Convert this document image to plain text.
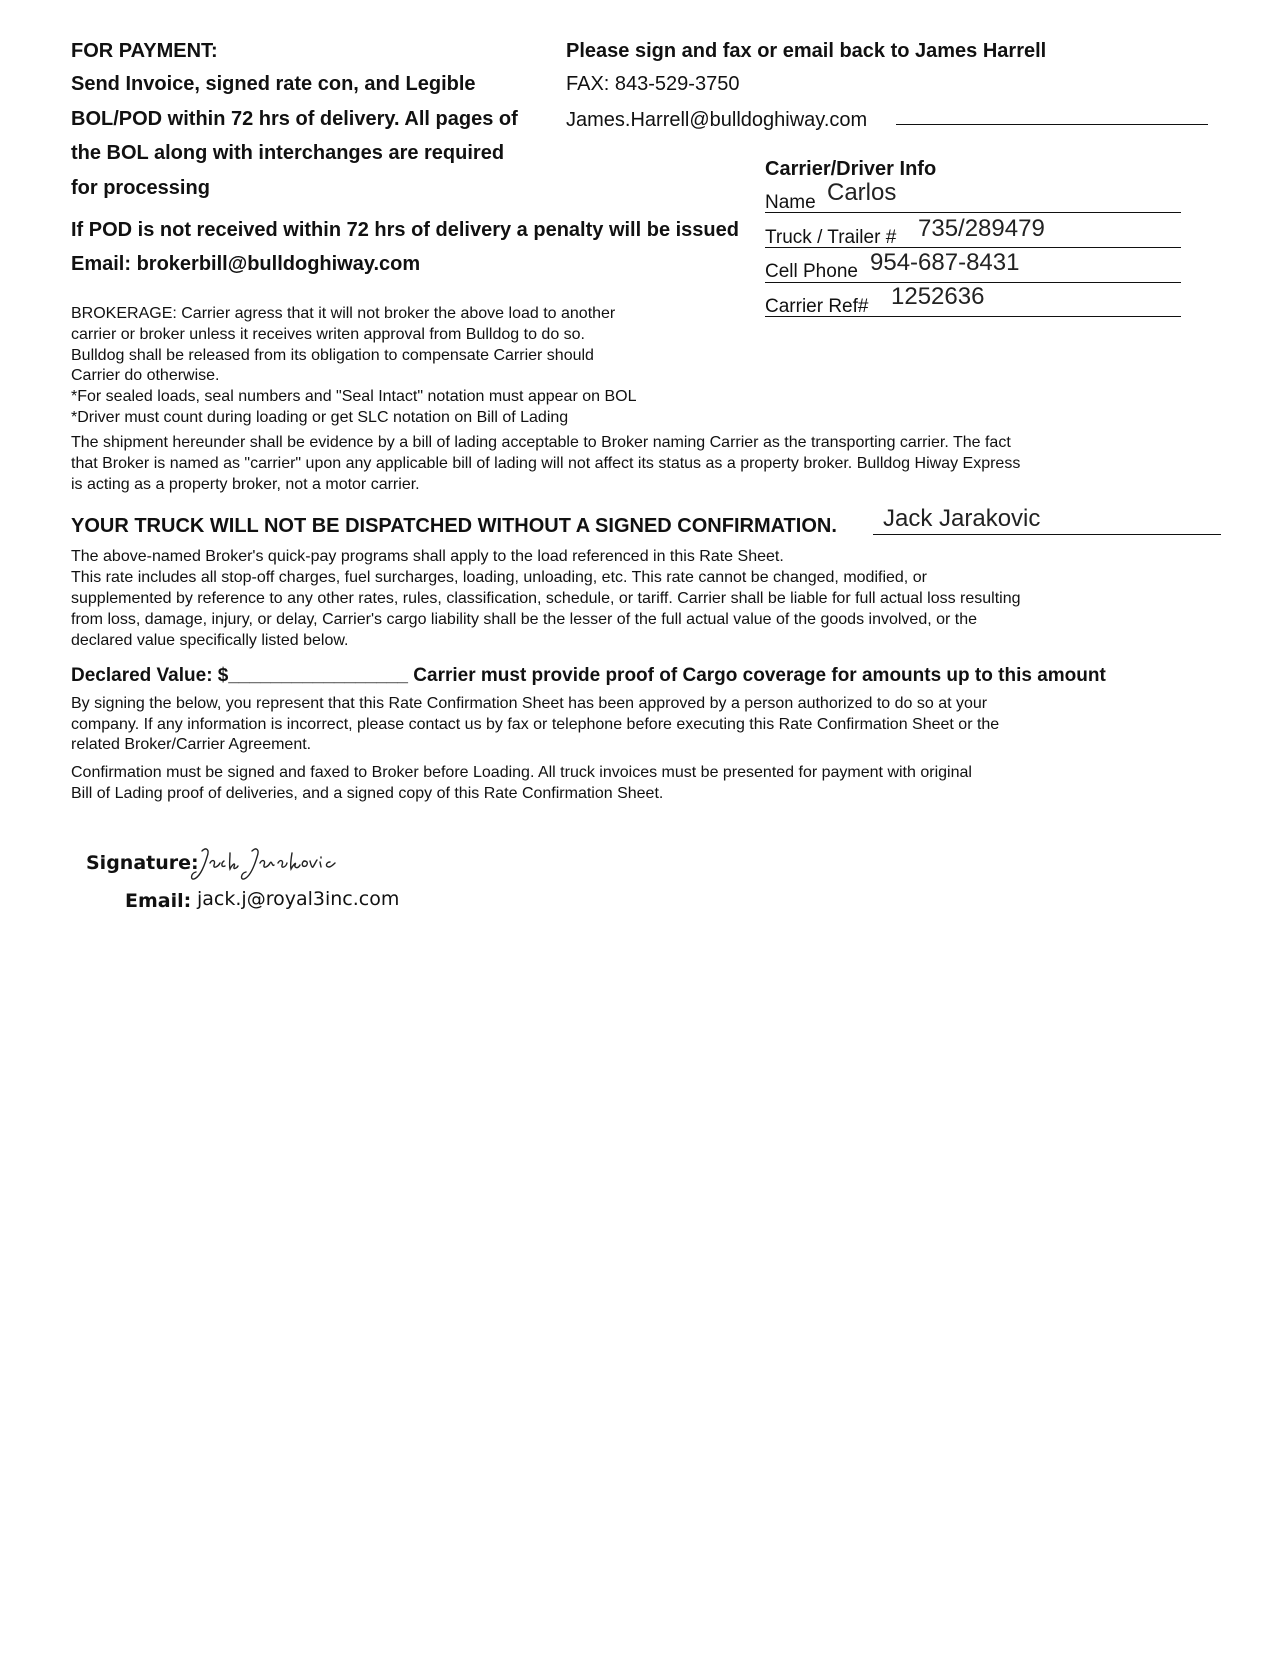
FOR PAYMENT:
Send Invoice, signed rate con, and Legible
BOL/POD within 72 hrs of delivery. All pages of
the BOL along with interchanges are required
for processing
If POD is not received within 72 hrs of delivery a penalty will be issued
Email: brokerbill@bulldoghiway.com
Please sign and fax or email back to James Harrell
FAX: 843-529-3750
James.Harrell@bulldoghiway.com
Carrier/Driver Info
Name Carlos
Truck / Trailer # 735/289479
Cell Phone 954-687-8431
Carrier Ref# 1252636
BROKERAGE: Carrier agress that it will not broker the above load to another
carrier or broker unless it receives writen approval from Bulldog to do so.
Bulldog shall be released from its obligation to compensate Carrier should
Carrier do otherwise.
*For sealed loads, seal numbers and "Seal Intact" notation must appear on BOL
*Driver must count during loading or get SLC notation on Bill of Lading
The shipment hereunder shall be evidence by a bill of lading acceptable to Broker naming Carrier as the transporting carrier. The fact
that Broker is named as "carrier" upon any applicable bill of lading will not affect its status as a property broker. Bulldog Hiway Express
is acting as a property broker, not a motor carrier.
YOUR TRUCK WILL NOT BE DISPATCHED WITHOUT A SIGNED CONFIRMATION. Jack Jarakovic
The above-named Broker's quick-pay programs shall apply to the load referenced in this Rate Sheet.
This rate includes all stop-off charges, fuel surcharges, loading, unloading, etc. This rate cannot be changed, modified, or
supplemented by reference to any other rates, rules, classification, schedule, or tariff. Carrier shall be liable for full actual loss resulting
from loss, damage, injury, or delay, Carrier's cargo liability shall be the lesser of the full actual value of the goods involved, or the
declared value specifically listed below.
Declared Value: $_________________ Carrier must provide proof of Cargo coverage for amounts up to this amount
By signing the below, you represent that this Rate Confirmation Sheet has been approved by a person authorized to do so at your
company. If any information is incorrect, please contact us by fax or telephone before executing this Rate Confirmation Sheet or the
related Broker/Carrier Agreement.
Confirmation must be signed and faxed to Broker before Loading. All truck invoices must be presented for payment with original
Bill of Lading proof of deliveries, and a signed copy of this Rate Confirmation Sheet.
Signature:
Email: jack.j@royal3inc.com
